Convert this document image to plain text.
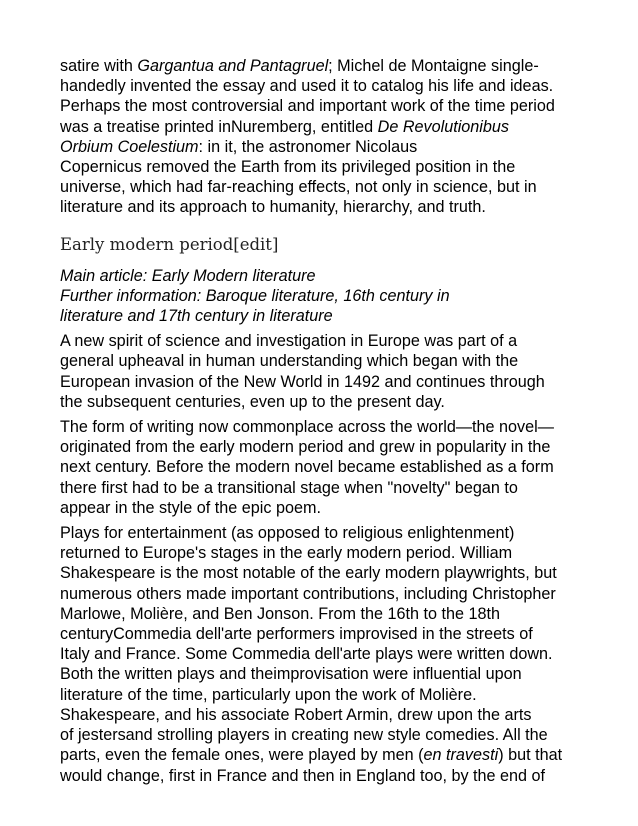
satire with Gargantua and Pantagruel; Michel de Montaigne single-
handedly invented the essay and used it to catalog his life and ideas.
Perhaps the most controversial and important work of the time period
was a treatise printed inNuremberg, entitled De Revolutionibus
Orbium Coelestium: in it, the astronomer Nicolaus
Copernicus removed the Earth from its privileged position in the
universe, which had far-reaching effects, not only in science, but in
literature and its approach to humanity, hierarchy, and truth.

Early modern period[edit]
Main article: Early Modern literature
Further information: Baroque literature, 16th century in
literature and 17th century in literature

A new spirit of science and investigation in Europe was part of a
general upheaval in human understanding which began with the
European invasion of the New World in 1492 and continues through
the subsequent centuries, even up to the present day.

The form of writing now commonplace across the world—the novel—
originated from the early modern period and grew in popularity in the
next century. Before the modern novel became established as a form
there first had to be a transitional stage when "novelty" began to
appear in the style of the epic poem.

Plays for entertainment (as opposed to religious enlightenment)
returned to Europe's stages in the early modern period. William
Shakespeare is the most notable of the early modern playwrights, but
numerous others made important contributions, including Christopher
Marlowe, Molière, and Ben Jonson. From the 16th to the 18th
centuryCommedia dell'arte performers improvised in the streets of
Italy and France. Some Commedia dell'arte plays were written down.
Both the written plays and theimprovisation were influential upon
literature of the time, particularly upon the work of Molière.
Shakespeare, and his associate Robert Armin, drew upon the arts
of jestersand strolling players in creating new style comedies. All the
parts, even the female ones, were played by men (en travesti) but that
would change, first in France and then in England too, by the end of
